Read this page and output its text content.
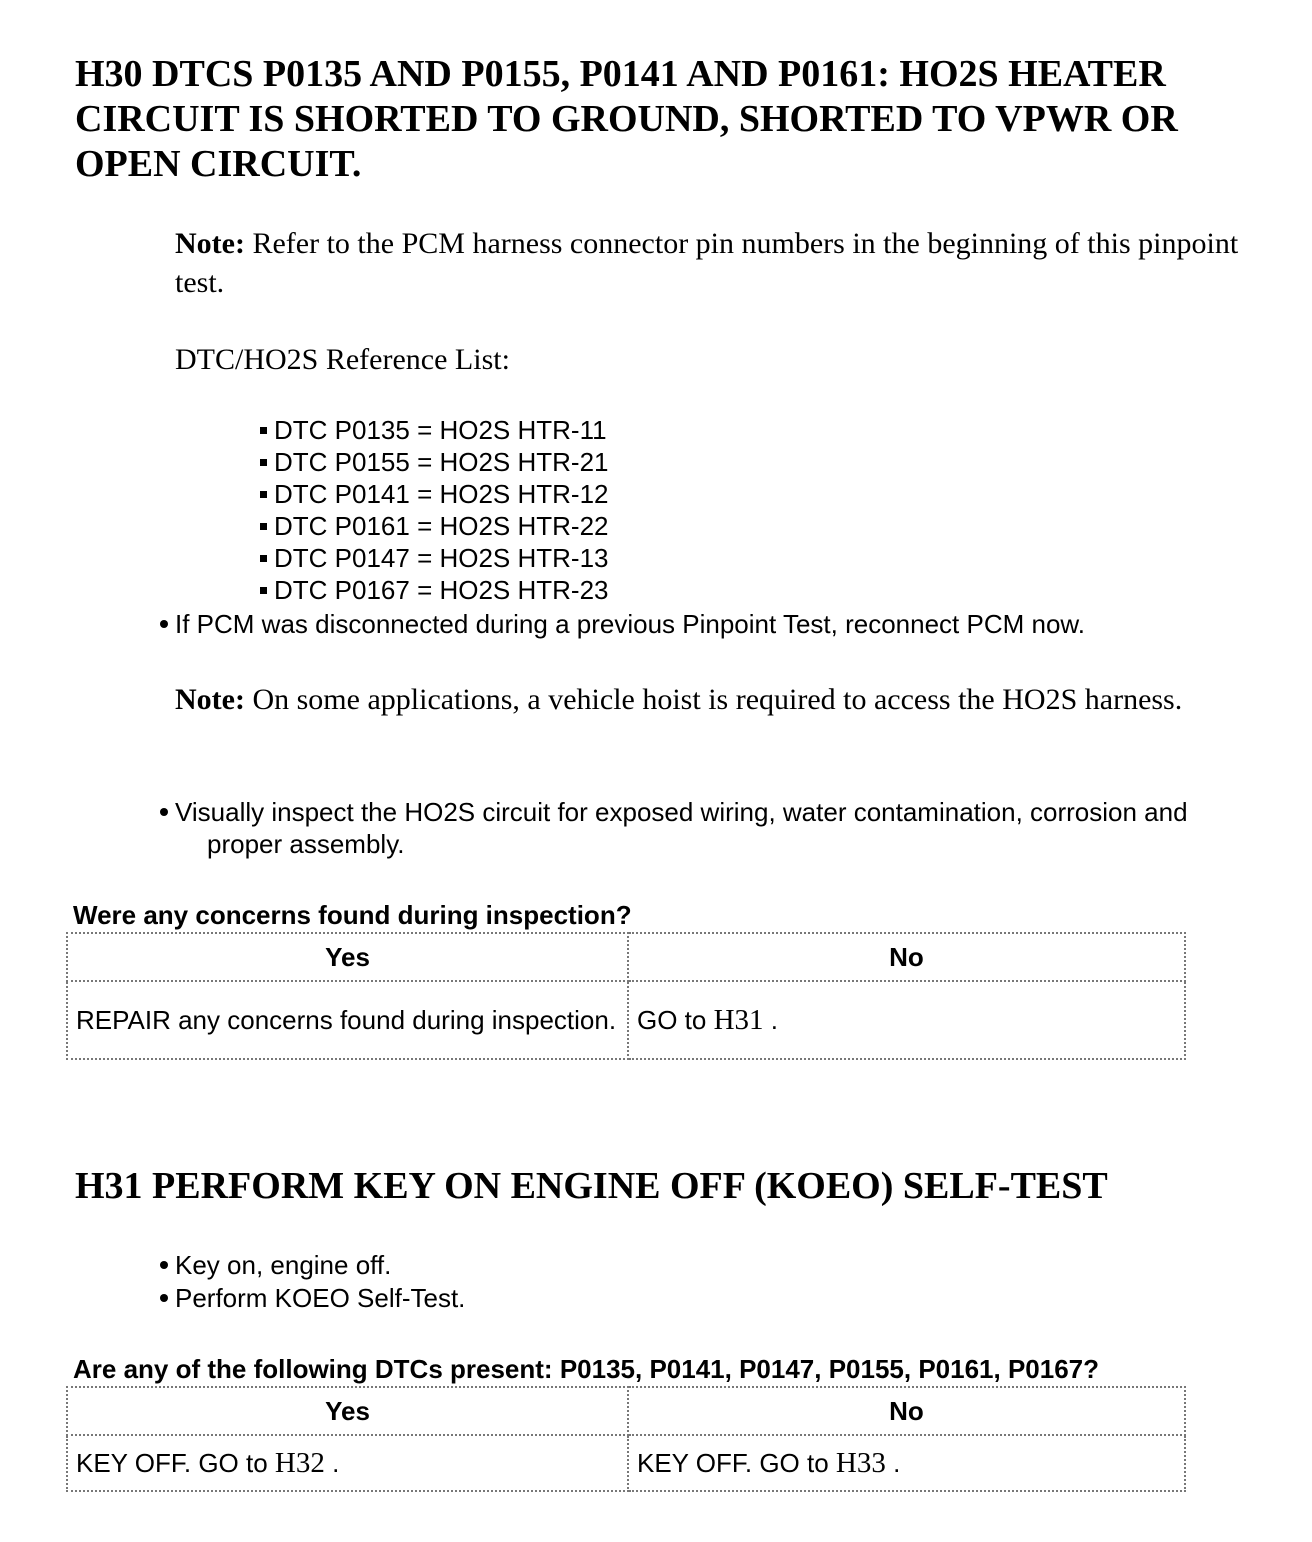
H30 DTCS P0135 AND P0155, P0141 AND P0161: HO2S HEATER CIRCUIT IS SHORTED TO GROUND, SHORTED TO VPWR OR OPEN CIRCUIT.
Note: Refer to the PCM harness connector pin numbers in the beginning of this pinpoint test.
DTC/HO2S Reference List:
DTC P0135 = HO2S HTR-11
DTC P0155 = HO2S HTR-21
DTC P0141 = HO2S HTR-12
DTC P0161 = HO2S HTR-22
DTC P0147 = HO2S HTR-13
DTC P0167 = HO2S HTR-23
If PCM was disconnected during a previous Pinpoint Test, reconnect PCM now.
Note: On some applications, a vehicle hoist is required to access the HO2S harness.
Visually inspect the HO2S circuit for exposed wiring, water contamination, corrosion and
proper assembly.
Were any concerns found during inspection?
Yes	No
REPAIR any concerns found during inspection.	GO to H31 .
H31 PERFORM KEY ON ENGINE OFF (KOEO) SELF-TEST
Key on, engine off.
Perform KOEO Self-Test.
Are any of the following DTCs present: P0135, P0141, P0147, P0155, P0161, P0167?
Yes	No
KEY OFF. GO to H32 .	KEY OFF. GO to H33 .
